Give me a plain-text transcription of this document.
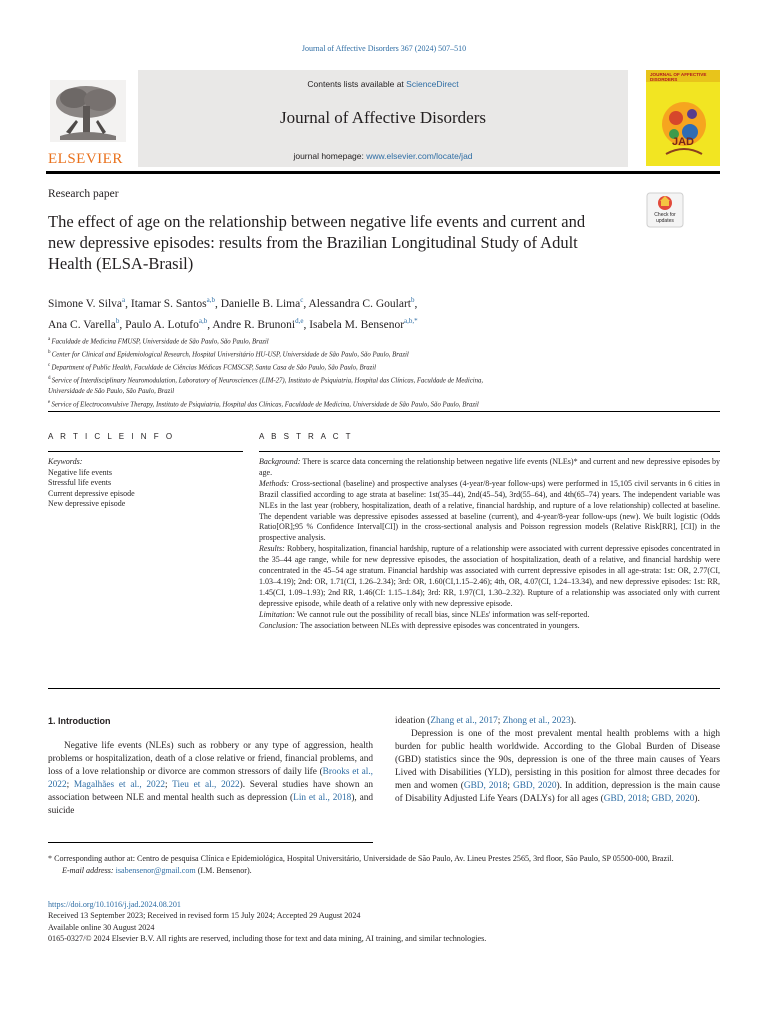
Journal of Affective Disorders 367 (2024) 507–510
ELSEVIER
Contents lists available at ScienceDirect
Journal of Affective Disorders
journal homepage: www.elsevier.com/locate/jad
JOURNAL OF AFFECTIVE DISORDERS
JAD
Research paper
The effect of age on the relationship between negative life events and current and new depressive episodes: results from the Brazilian Longitudinal Study of Adult Health (ELSA-Brasil)
Check for updates
Simone V. Silva$^a$, Itamar S. Santos$^{a,b}$, Danielle B. Lima$^c$, Alessandra C. Goulart$^b$,
Ana C. Varella$^b$, Paulo A. Lotufo$^{a,b}$, Andre R. Brunoni$^{d,e}$, Isabela M. Bensenor$^{a,b,*}$
$^a$ Faculdade de Medicina FMUSP, Universidade de São Paulo, São Paulo, Brazil
$^b$ Center for Clinical and Epidemiological Research, Hospital Universitário HU-USP, Universidade de São Paulo, São Paulo, Brazil
$^c$ Department of Public Health, Faculdade de Ciências Médicas FCMSCSP, Santa Casa de São Paulo, São Paulo, Brazil
$^d$ Service of Interdisciplinary Neuromodulation, Laboratory of Neurosciences (LIM-27), Instituto de Psiquiatria, Hospital das Clínicas, Faculdade de Medicina,
Universidade de São Paulo, São Paulo, Brazil
$^e$ Service of Electroconvulsive Therapy, Instituto de Psiquiatria, Hospital das Clínicas, Faculdade de Medicina, Universidade de São Paulo, São Paulo, Brazil
A R T I C L E I N F O
Keywords:
Negative life events
Stressful life events
Current depressive episode
New depressive episode
A B S T R A C T

Background: There is scarce data concerning the relationship between negative life events (NLEs)* and current and new depressive episodes by age.

Methods: Cross-sectional (baseline) and prospective analyses (4-year/8-year follow-ups) were performed in 15,105 civil servants in 6 cities in Brazil classified according to age strata at baseline: 1st(35–44), 2nd(45–54), 3rd(55–64), and 4th(65–74) years. The independent variable was NLEs in the last year (robbery, hospitalization, death of a relative, financial hardship, and rupture of a love relationship) collected at baseline. The dependent variable was depressive episodes assessed at baseline (current), and 4-year/8-year follow-ups (new). We built logistic (Odds Ratio[OR];95 % Confidence Interval[CI]) in the cross-sectional analysis and Poisson regression models (Relative Risk[RR], [CI]) in the prospective analysis.

Results: Robbery, hospitalization, financial hardship, rupture of a relationship were associated with current depressive episodes concentrated in the 35–44 age range, while for new depressive episodes, the association of hospitalization, death of a relative, and financial hardship were concentrated in the 45–54 age stratum. Financial hardship was associated with current depressive episodes in all age-strata: 1st: OR, 2.77(CI, 1.03–4.19); 2nd: OR, 1.71(CI, 1.26–2.34); 3rd: OR, 1.60(CI,1.15–2.46); 4th, OR, 4.07(CI, 1.24–13.34), and new depressive episodes: 1st: RR, 1.45(CI, 1.09–1.93); 2nd RR, 1.46(CI: 1.15–1.84); 3rd: RR, 1.97(CI, 1.30–2.32). Rupture of a relationship was associated only with current depressive episode, while death of a relative only with new depressive episode.

Limitation: We cannot rule out the possibility of recall bias, since NLEs' information was self-reported.

Conclusion: The association between NLEs with depressive episodes was concentrated in youngers.

1. Introduction

Negative life events (NLEs) such as robbery or any type of aggression, health problems or hospitalization, death of a close relative or friend, financial problems, and loss of a love relationship or divorce are common stressors of daily life (Brooks et al., 2022; Magalhães et al., 2022; Tieu et al., 2022). Several studies have shown an association between NLE and mental health such as depression (Lin et al., 2018), and suicide

ideation (Zhang et al., 2017; Zhong et al., 2023).

Depression is one of the most prevalent mental health problems with a high burden for public health worldwide. According to the Global Burden of Disease (GBD) statistics since the 90s, depression is one of the three main causes of Years Lived with Disabilities (YLD), persisting in this position for almost three decades for men and women (GBD, 2018; GBD, 2020). In addition, depression is the main cause of Disability Adjusted Life Years (DALYs) for all ages (GBD, 2018; GBD, 2020).

* Corresponding author at: Centro de pesquisa Clínica e Epidemiológica, Hospital Universitário, Universidade de São Paulo, Av. Lineu Prestes 2565, 3rd floor, São Paulo, SP 05500-000, Brazil.
E-mail address: isabensenor@gmail.com (I.M. Bensenor).
https://doi.org/10.1016/j.jad.2024.08.201
Received 13 September 2023; Received in revised form 15 July 2024; Accepted 29 August 2024
Available online 30 August 2024
0165-0327/© 2024 Elsevier B.V. All rights are reserved, including those for text and data mining, AI training, and similar technologies.
